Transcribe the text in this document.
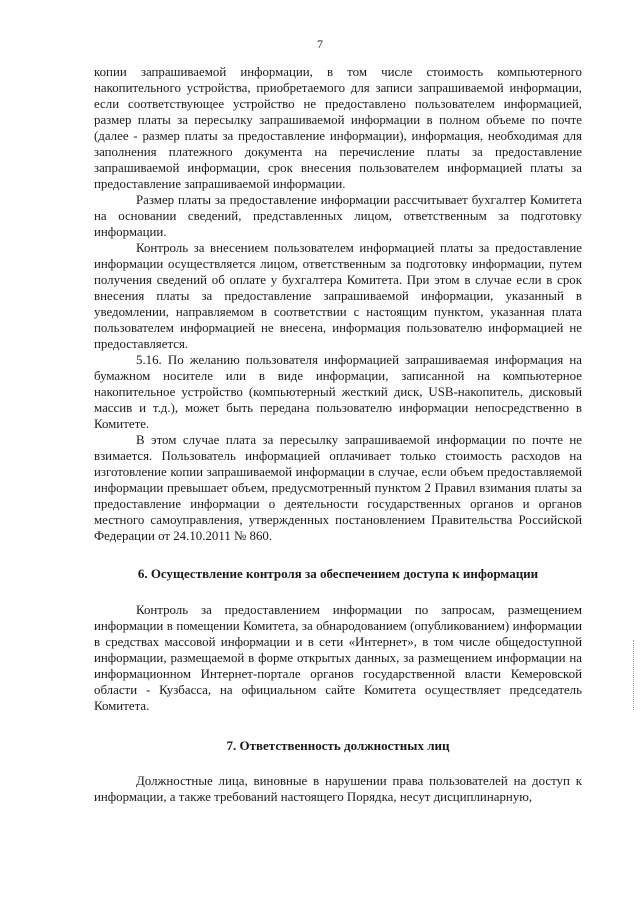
7

копии запрашиваемой информации, в том числе стоимость компьютерного накопительного устройства, приобретаемого для записи запрашиваемой информации, если соответствующее устройство не предоставлено пользователем информацией, размер платы за пересылку запрашиваемой информации в полном объеме по почте (далее - размер платы за предоставление информации), информация, необходимая для заполнения платежного документа на перечисление платы за предоставление запрашиваемой информации, срок внесения пользователем информацией платы за предоставление запрашиваемой информации.

Размер платы за предоставление информации рассчитывает бухгалтер Комитета на основании сведений, представленных лицом, ответственным за подготовку информации.

Контроль за внесением пользователем информацией платы за предоставление информации осуществляется лицом, ответственным за подготовку информации, путем получения сведений об оплате у бухгалтера Комитета. При этом в случае если в срок внесения платы за предоставление запрашиваемой информации, указанный в уведомлении, направляемом в соответствии с настоящим пунктом, указанная плата пользователем информацией не внесена, информация пользователю информацией не предоставляется.

5.16. По желанию пользователя информацией запрашиваемая информация на бумажном носителе или в виде информации, записанной на компьютерное накопительное устройство (компьютерный жесткий диск, USB-накопитель, дисковый массив и т.д.), может быть передана пользователю информации непосредственно в Комитете.

В этом случае плата за пересылку запрашиваемой информации по почте не взимается. Пользователь информацией оплачивает только стоимость расходов на изготовление копии запрашиваемой информации в случае, если объем предоставляемой информации превышает объем, предусмотренный пунктом 2 Правил взимания платы за предоставление информации о деятельности государственных органов и органов местного самоуправления, утвержденных постановлением Правительства Российской Федерации от 24.10.2011 № 860.

6. Осуществление контроля за обеспечением доступа к информации

Контроль за предоставлением информации по запросам, размещением информации в помещении Комитета, за обнародованием (опубликованием) информации в средствах массовой информации и в сети «Интернет», в том числе общедоступной информации, размещаемой в форме открытых данных, за размещением информации на информационном Интернет-портале органов государственной власти Кемеровской области - Кузбасса, на официальном сайте Комитета осуществляет председатель Комитета.

7. Ответственность должностных лиц

Должностные лица, виновные в нарушении права пользователей на доступ к информации, а также требований настоящего Порядка, несут дисциплинарную,
